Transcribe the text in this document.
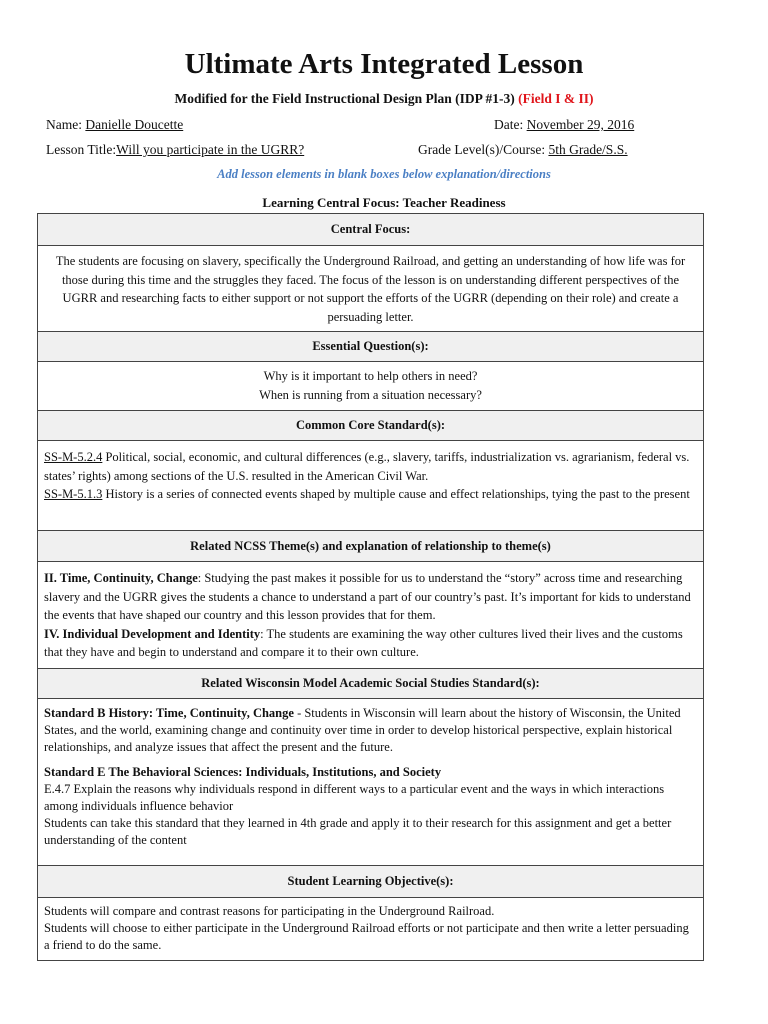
Ultimate Arts Integrated Lesson
Modified for the Field Instructional Design Plan (IDP #1-3) (Field I & II)
Name: Danielle Doucette	Date: November 29, 2016
Lesson Title:Will you participate in the UGRR?	Grade Level(s)/Course: 5th Grade/S.S.
Add lesson elements in blank boxes below explanation/directions
Learning Central Focus: Teacher Readiness
Central Focus:
The students are focusing on slavery, specifically the Underground Railroad, and getting an understanding of how life was for those during this time and the struggles they faced. The focus of the lesson is on understanding different perspectives of the UGRR and researching facts to either support or not support the efforts of the UGRR (depending on their role) and create a persuading letter.
Essential Question(s):

Why is it important to help others in need?

When is running from a situation necessary?

Common Core Standard(s):

SS-M-5.2.4 Political, social, economic, and cultural differences (e.g., slavery, tariffs, industrialization vs. agrarianism, federal vs. states’ rights) among sections of the U.S. resulted in the American Civil War.

SS-M-5.1.3 History is a series of connected events shaped by multiple cause and effect relationships, tying the past to the present

Related NCSS Theme(s) and explanation of relationship to theme(s)

II. Time, Continuity, Change: Studying the past makes it possible for us to understand the “story” across time and researching slavery and the UGRR gives the students a chance to understand a part of our country’s past. It’s important for kids to understand the events that have shaped our country and this lesson provides that for them.

IV. Individual Development and Identity: The students are examining the way other cultures lived their lives and the customs that they have and begin to understand and compare it to their own culture.

Related Wisconsin Model Academic Social Studies Standard(s):

Standard B History: Time, Continuity, Change - Students in Wisconsin will learn about the history of Wisconsin, the United States, and the world, examining change and continuity over time in order to develop historical perspective, explain historical relationships, and analyze issues that affect the present and the future.

Standard E The Behavioral Sciences: Individuals, Institutions, and Society

E.4.7 Explain the reasons why individuals respond in different ways to a particular event and the ways in which interactions among individuals influence behavior

Students can take this standard that they learned in 4th grade and apply it to their research for this assignment and get a better understanding of the content

Student Learning Objective(s):

Students will compare and contrast reasons for participating in the Underground Railroad.

Students will choose to either participate in the Underground Railroad efforts or not participate and then write a letter persuading a friend to do the same.
